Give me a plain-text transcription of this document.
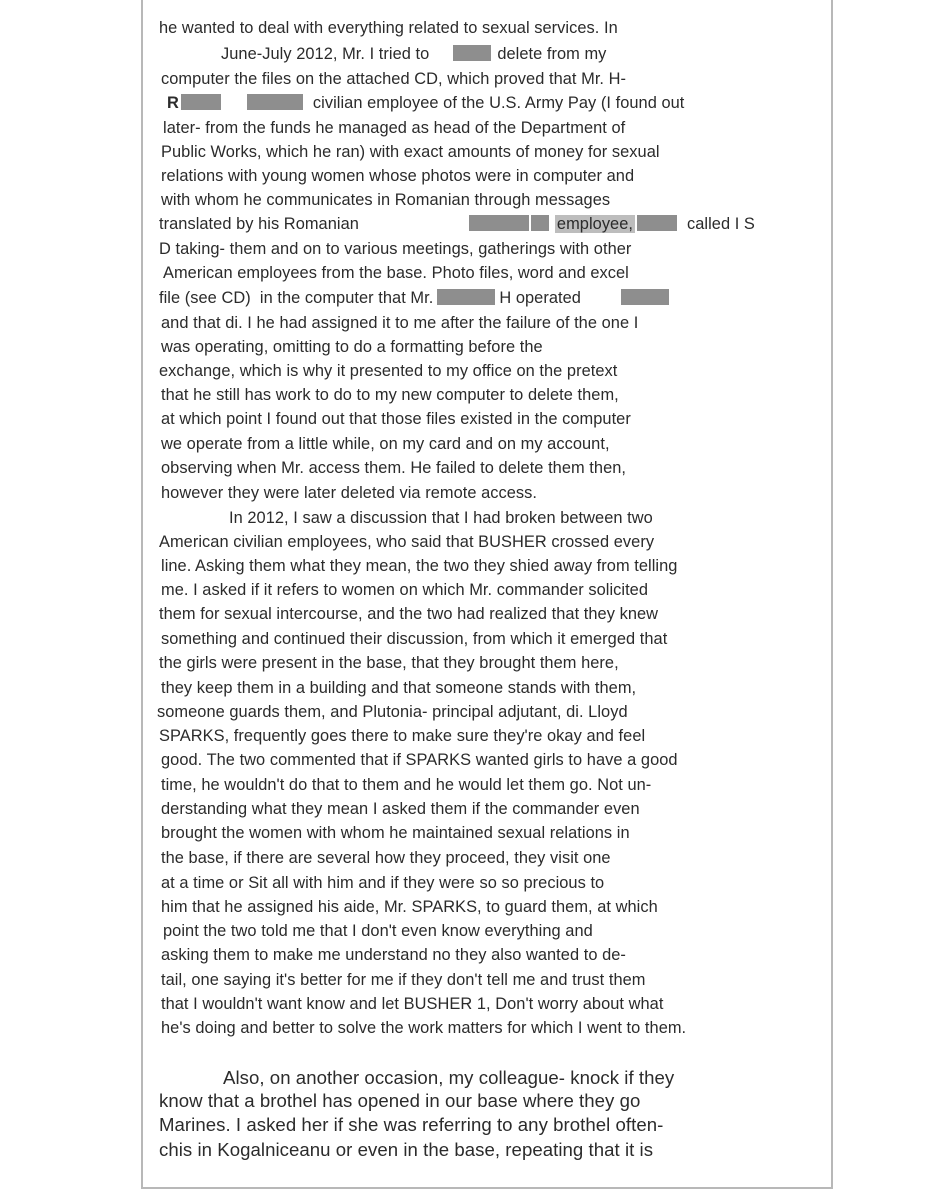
he wanted to deal with everything related to sexual services. In
June-July 2012, Mr. I tried to	delete from my
computer the files on the attached CD, which proved that Mr. H-
R	civilian employee of the U.S. Army Pay (I found out
later- from the funds he managed as head of the Department of
Public Works, which he ran) with exact amounts of money for sexual
relations with young women whose photos were in computer and
with whom he communicates in Romanian through messages
translated by his Romanian	employee,	called I S
D taking- them and on to various meetings, gatherings with other
American employees from the base. Photo files, word and excel
file (see CD)  in the computer that Mr.	H operated
and that di. I he had assigned it to me after the failure of the one I
was operating, omitting to do a formatting before the
exchange, which is why it presented to my office on the pretext
that he still has work to do to my new computer to delete them,
at which point I found out that those files existed in the computer
we operate from a little while, on my card and on my account,
observing when Mr. access them. He failed to delete them then,
however they were later deleted via remote access.
In 2012, I saw a discussion that I had broken between two
American civilian employees, who said that BUSHER crossed every
line. Asking them what they mean, the two they shied away from telling
me. I asked if it refers to women on which Mr. commander solicited
them for sexual intercourse, and the two had realized that they knew
something and continued their discussion, from which it emerged that
the girls were present in the base, that they brought them here,
they keep them in a building and that someone stands with them,
someone guards them, and Plutonia- principal adjutant, di. Lloyd
SPARKS, frequently goes there to make sure they're okay and feel
good. The two commented that if SPARKS wanted girls to have a good
time, he wouldn't do that to them and he would let them go. Not un-
derstanding what they mean I asked them if the commander even
brought the women with whom he maintained sexual relations in
the base, if there are several how they proceed, they visit one
at a time or Sit all with him and if they were so so precious to
him that he assigned his aide, Mr. SPARKS, to guard them, at which
point the two told me that I don't even know everything and
asking them to make me understand no they also wanted to de-
tail, one saying it's better for me if they don't tell me and trust them
that I wouldn't want know and let BUSHER 1, Don't worry about what
he's doing and better to solve the work matters for which I went to them.
Also, on another occasion, my colleague- knock if they
know that a brothel has opened in our base where they go
Marines. I asked her if she was referring to any brothel often-
chis in Kogalniceanu or even in the base, repeating that it is
